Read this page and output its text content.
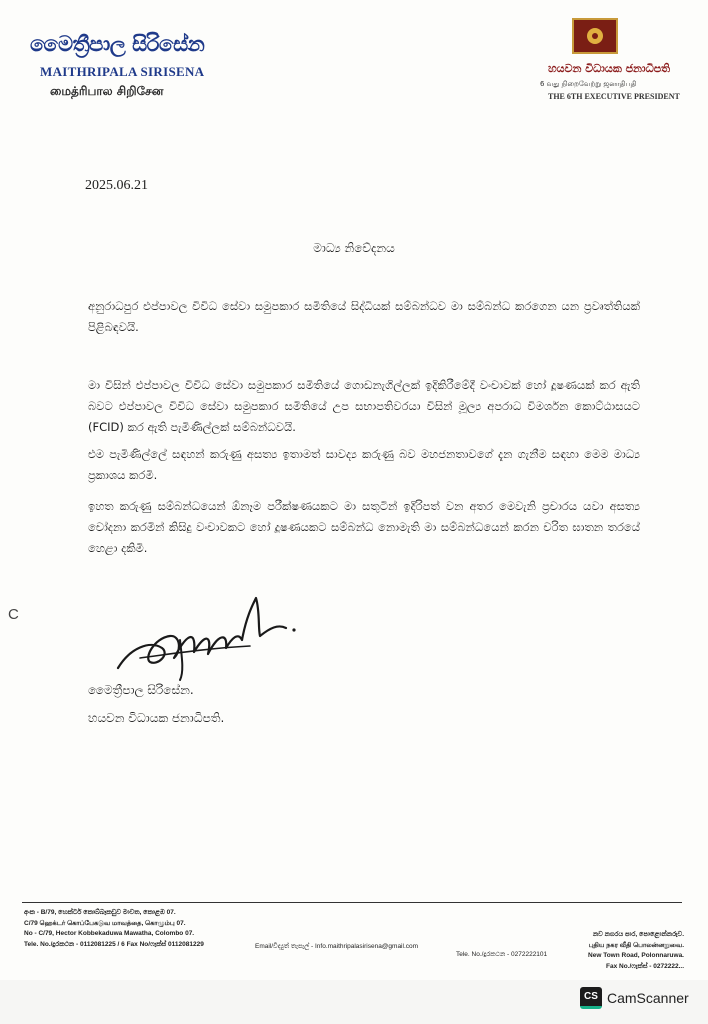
මෛත්‍රීපාල සිරිසේන
MAITHRIPALA SIRISENA
மைத்ரிபால சிறிசேன
හයවන විධායක ජනාධිපති
6 வது நிறைவேற்று ஜனாதிபதி
THE 6TH EXECUTIVE PRESIDENT
2025.06.21
මාධ්‍ය නිවේදනය
අනුරාධපුර එප්පාවල විවිධ සේවා සමුපකාර සමිතියේ සිද්ධියක් සම්බන්ධව මා සම්බන්ධ කරගෙන යන ප්‍රවෘත්තියක් පිළිබඳවයි.
මා විසින් එප්පාවල විවිධ සේවා සමුපකාර සමිතියේ ගොඩනැගිල්ලක් ඉදිකිරීමේදී වංචාවක් හෝ දූෂණයක් කර ඇති බවට එප්පාවල විවිධ සේවා සමුපකාර සමිතියේ උප සභාපතිවරයා විසින් මූල්‍ය අපරාධ විමර්ශන කොට්ඨාසයට (FCID) කර ඇති පැමිණිල්ලක් සම්බන්ධවයි.
එම පැමිණිල්ලේ සඳහන් කරුණු අසත්‍ය ඉතාමත් සාවද්‍ය කරුණු බව මහජනතාවගේ දැන ගැනීම සඳහා මෙම මාධ්‍ය ප්‍රකාශය කරමි.
ඉහත කරුණු සම්බන්ධයෙන් ඕනෑම පරීක්ෂණයකට මා සතුටින් ඉදිරිපත් වන අතර මෙවැනි ප්‍රචාරය යවා අසත්‍ය චෝදනා කරමින් කිසිදු වංචාවකට හෝ දූෂණයකට සම්බන්ධ නොමැති මා සම්බන්ධයෙන් කරන චරිත ඝාතන තරයේ හෙළා දකිමි.
C
මෛත්‍රීපාල සිරිසේන.
හයවන විධායක ජනාධිපති.
අංක - B/79, හෙක්ටර් කොබ්බෑකඩුව මාවත, කොළඹ 07.
C/79 ஹெக்டர் கொப்பேகடுவ மாவத்தை, கொழும்பு 07.
No - C/79, Hector Kobbekaduwa Mawatha, Colombo 07.
Tele. No./දුරකථන - 0112081225 / 6 Fax No/ෆැක්ස් 0112081229	Email/විද්‍යුත් තැපැල් - Info.maithripalasirisena@gmail.com
Tele. No./දුරකථන - 0272222101
නව නගරය පාර, පොළොන්නරුව.
புதிய நகர வீதி பொலன்னறுவை.
New Town Road, Polonnaruwa.
Fax No./ෆැක්ස් - 0272222...
CS CamScanner
